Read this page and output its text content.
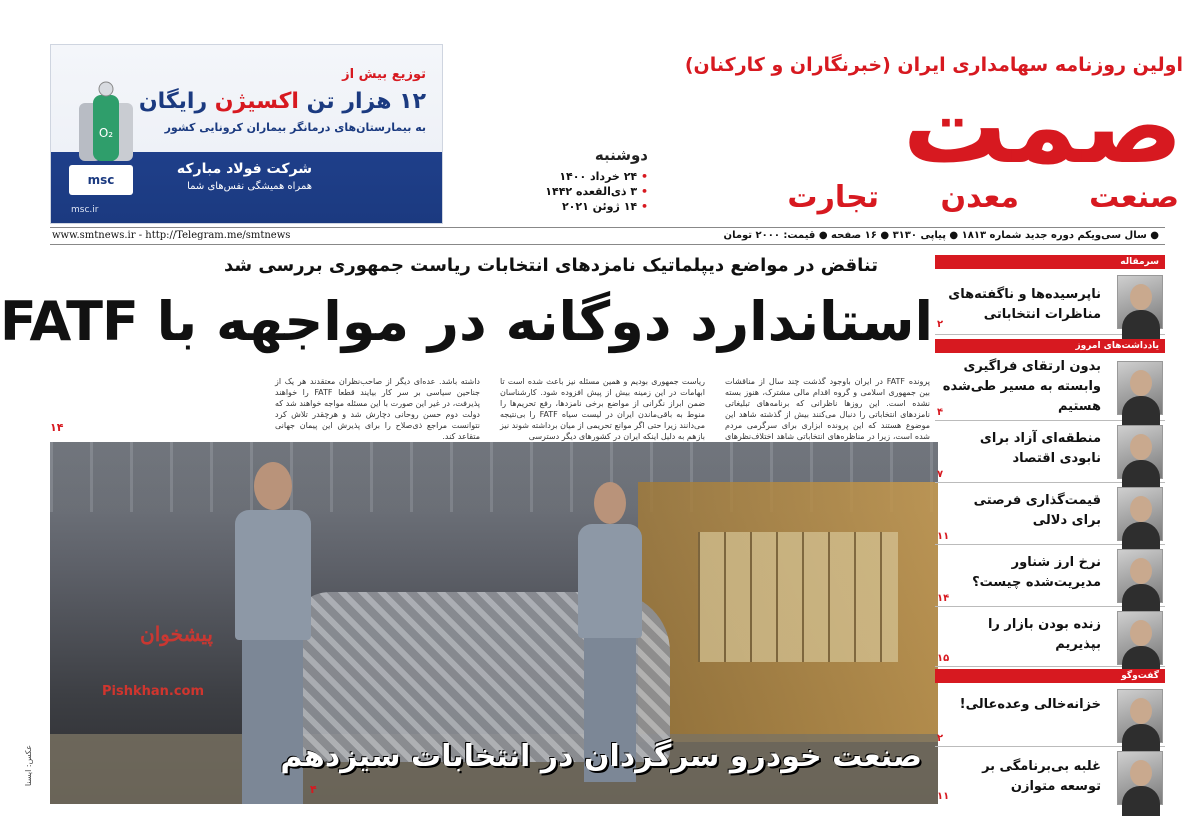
اولین روزنامه سهامداری ایران (خبرنگاران و کارکنان)
صمت
صنعت
معدن
تجارت
دوشنبه
• ۲۴ خرداد ۱۴۰۰
• ۳ ذی‌القعده ۱۴۴۲
• ۱۴ ژوئن ۲۰۲۱
توزیع بیش از
۱۲ هزار تن اکسیژن رایگان
به بیمارستان‌های درمانگر بیماران کرونایی کشور
شرکت فولاد مبارکه
همراه همیشگی نفس‌های شما
O₂
msc
msc.ir
● سال سی‌ویکم دوره جدید شماره ۱۸۱۳ ● پیاپی ۳۱۳۰ ● ۱۶ صفحه ● قیمت: ۲۰۰۰ تومان
www.smtnews.ir - http://Telegram.me/smtnews
تناقض در مواضع دیپلماتیک نامزدهای انتخابات ریاست جمهوری بررسی شد
استاندارد دوگانه در مواجهه با FATF
پرونده FATF در ایران باوجود گذشت چند سال از مناقشات بین جمهوری اسلامی و گروه اقدام مالی مشترک، هنوز بسته نشده است. این روزها ناظرانی که برنامه‌های تبلیغاتی نامزدهای انتخاباتی را دنبال می‌کنند بیش از گذشته شاهد این موضوع هستند که این پرونده ابزاری برای سرگرمی‌ مردم شده است، زیرا در مناظره‌های انتخاباتی شاهد اختلاف‌نظرهای
ریاست جمهوری بودیم و همین مسئله نیز باعث شده است تا ابهامات در این زمینه بیش از پیش افزوده شود. کارشناسان ضمن ابراز نگرانی از مواضع برخی نامزدها، رفع تحریم‌ها را منوط به باقی‌ماندن ایران در لیست سیاه FATF را بی‌نتیجه می‌دانند زیرا حتی اگر موانع تحریمی از میان برداشته شوند نیز بازهم به دلیل اینکه ایران در کشورهای دیگر دسترسی
داشته باشد. عده‌ای دیگر از صاحب‌نظران معتقدند هر یک از جناحین سیاسی بر سر کار بیایند قطعا FATF را خواهند پذیرفت، در غیر این صورت با این مسئله مواجه خواهند شد که دولت دوم حسن روحانی دچارش شد و هرچقدر تلاش کرد نتوانست مراجع ذی‌صلاح را برای پذیرش این پیمان جهانی متقاعد کند.
۱۴
پیشخوان
Pishkhan.com
صنعت خودرو سرگردان در انتخابات سیزدهم
۴
عکس: ایسنا
سرمقاله
ناپرسیده‌ها و ناگفته‌های مناظرات انتخاباتی
۲
یادداشت‌های امروز
بدون ارتقای فراگیری وابسته به مسیر طی‌شده هستیم
۴
منطقه‌ای آزاد برای نابودی اقتصاد
۷
قیمت‌گذاری فرصتی برای دلالی
۱۱
نرخ ارز شناور مدیریت‌شده چیست؟
۱۴
زنده بودن بازار را بپذیریم
۱۵
گفت‌وگو
خزانه‌خالی وعده‌عالی!
۲
غلبه بی‌برنامگی بر توسعه متوازن
۱۱
